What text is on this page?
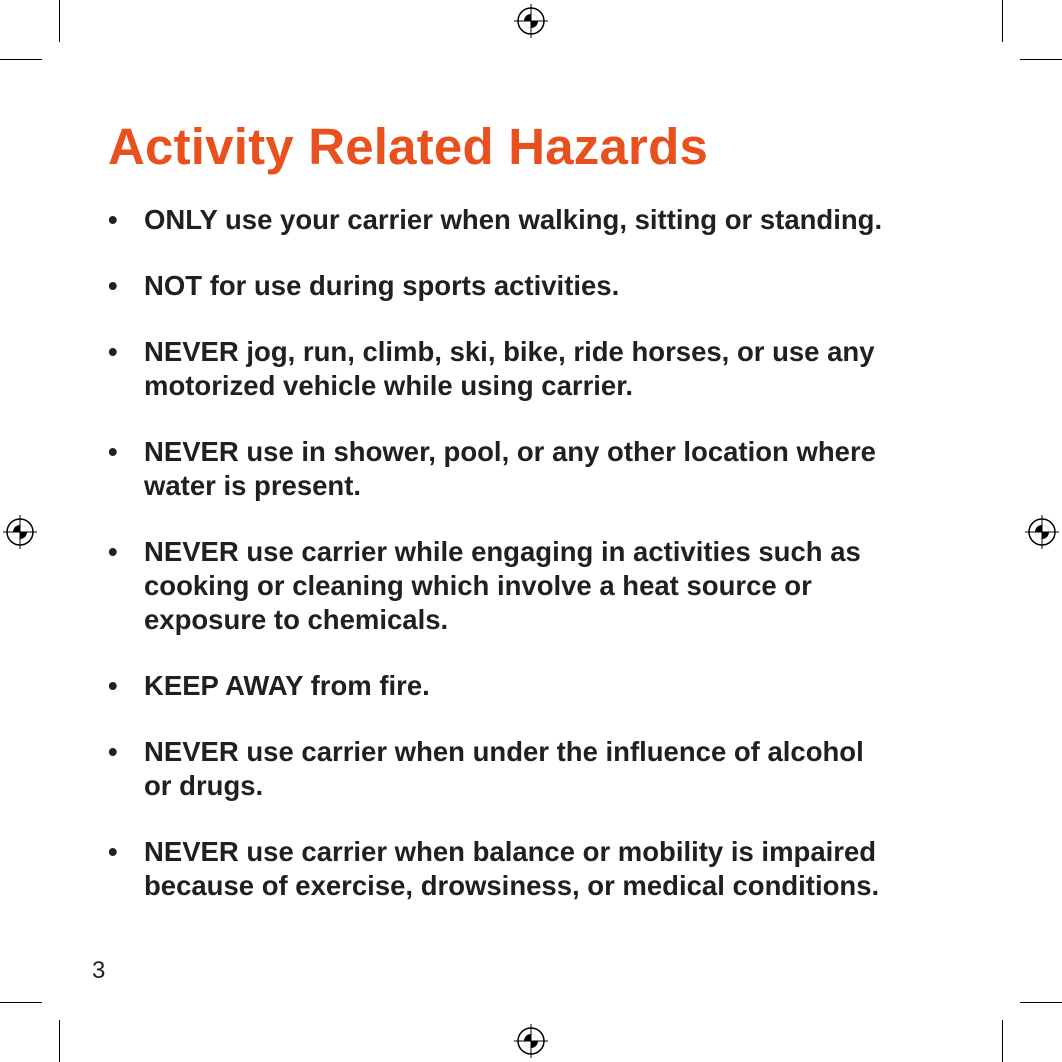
Activity Related Hazards
• ONLY use your carrier when walking, sitting or standing.
• NOT for use during sports activities.
• NEVER jog, run, climb, ski, bike, ride horses, or use any
motorized vehicle while using carrier.
• NEVER use in shower, pool, or any other location where
water is present.
• NEVER use carrier while engaging in activities such as
cooking or cleaning which involve a heat source or
exposure to chemicals.
• KEEP AWAY from fire.
• NEVER use carrier when under the influence of alcohol
or drugs.
• NEVER use carrier when balance or mobility is impaired
because of exercise, drowsiness, or medical conditions.
3
